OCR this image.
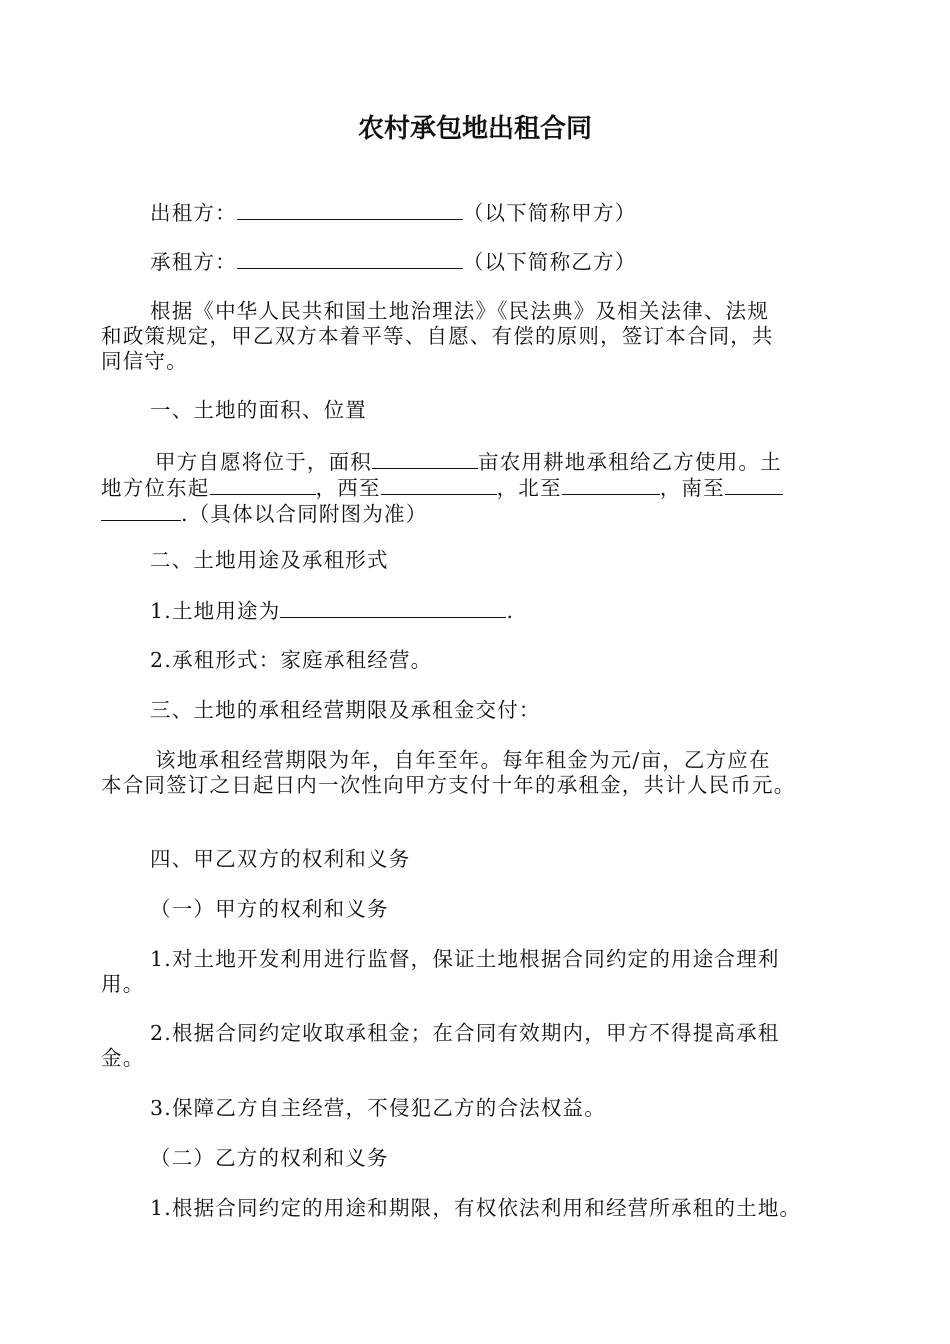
农村承包地出租合同

出租方：	（以下简称甲方）

承租方：	（以下简称乙方）

根据《中华人民共和国土地治理法》《民法典》及相关法律、法规
和政策规定，甲乙双方本着平等、自愿、有偿的原则，签订本合同，共
同信守。

一、土地的面积、位置

甲方自愿将位于，面积	亩农用耕地承租给乙方使用。土
地方位东起	，西至	，北至	，南至
.（具体以合同附图为准）

二、土地用途及承租形式

1.土地用途为	.

2.承租形式：家庭承租经营。

三、土地的承租经营期限及承租金交付：

该地承租经营期限为年，自年至年。每年租金为元/亩，乙方应在
本合同签订之日起日内一次性向甲方支付十年的承租金，共计人民币元。

四、甲乙双方的权利和义务

（一）甲方的权利和义务

1.对土地开发利用进行监督，保证土地根据合同约定的用途合理利
用。

2.根据合同约定收取承租金；在合同有效期内，甲方不得提高承租
金。

3.保障乙方自主经营，不侵犯乙方的合法权益。

（二）乙方的权利和义务

1.根据合同约定的用途和期限，有权依法利用和经营所承租的土地。
